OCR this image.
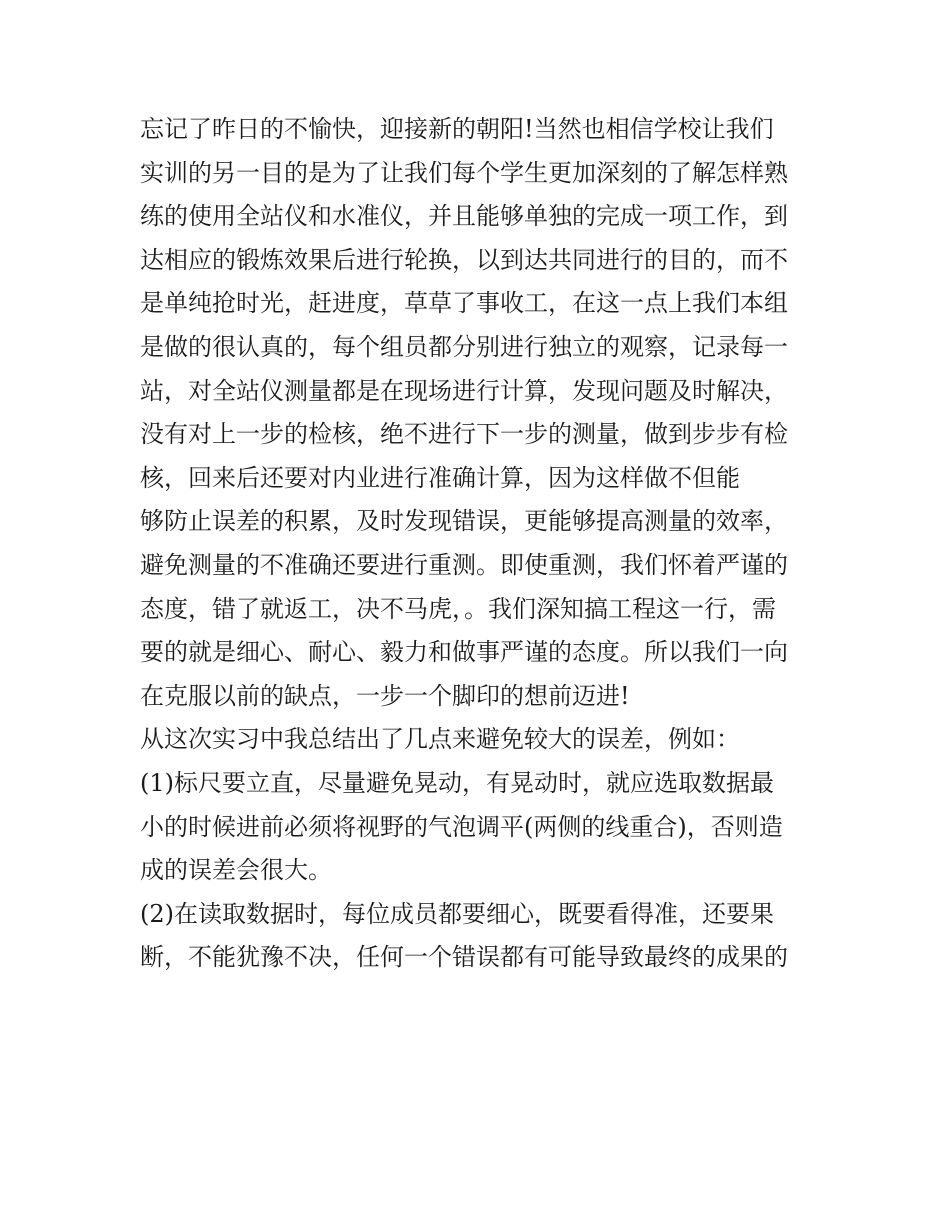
忘记了昨日的不愉快，迎接新的朝阳!当然也相信学校让我们
实训的另一目的是为了让我们每个学生更加深刻的了解怎样熟
练的使用全站仪和水准仪，并且能够单独的完成一项工作，到
达相应的锻炼效果后进行轮换，以到达共同进行的目的，而不
是单纯抢时光，赶进度，草草了事收工，在这一点上我们本组
是做的很认真的，每个组员都分别进行独立的观察，记录每一
站，对全站仪测量都是在现场进行计算，发现问题及时解决，
没有对上一步的检核，绝不进行下一步的测量，做到步步有检
核，回来后还要对内业进行准确计算，因为这样做不但能
够防止误差的积累，及时发现错误，更能够提高测量的效率，
避免测量的不准确还要进行重测。即使重测，我们怀着严谨的
态度，错了就返工，决不马虎，。我们深知搞工程这一行，需
要的就是细心、耐心、毅力和做事严谨的态度。所以我们一向
在克服以前的缺点，一步一个脚印的想前迈进!
从这次实习中我总结出了几点来避免较大的误差，例如：
(1)标尺要立直，尽量避免晃动，有晃动时，就应选取数据最
小的时候进前必须将视野的气泡调平(两侧的线重合)，否则造
成的误差会很大。
(2)在读取数据时，每位成员都要细心，既要看得准，还要果
断，不能犹豫不决，任何一个错误都有可能导致最终的成果的
